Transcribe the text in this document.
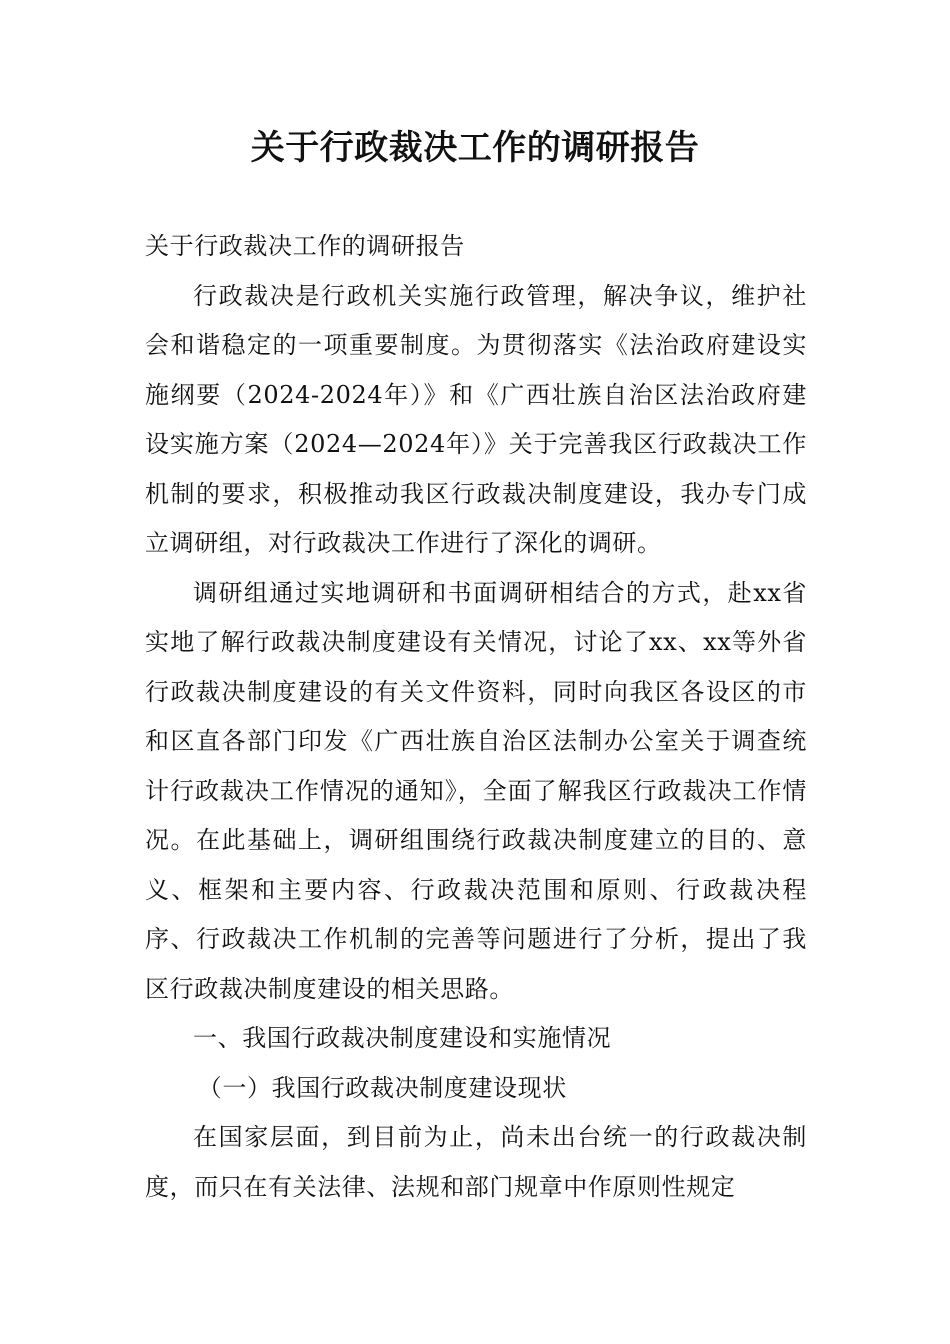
关于行政裁决工作的调研报告

关于行政裁决工作的调研报告

行政裁决是行政机关实施行政管理，解决争议，维护社会和谐稳定的一项重要制度。为贯彻落实《法治政府建设实施纲要（2024-2024年）》和《广西壮族自治区法治政府建设实施方案（2024—2024年）》关于完善我区行政裁决工作机制的要求，积极推动我区行政裁决制度建设，我办专门成立调研组，对行政裁决工作进行了深化的调研。

调研组通过实地调研和书面调研相结合的方式，赴xx省实地了解行政裁决制度建设有关情况，讨论了xx、xx等外省行政裁决制度建设的有关文件资料，同时向我区各设区的市和区直各部门印发《广西壮族自治区法制办公室关于调查统计行政裁决工作情况的通知》，全面了解我区行政裁决工作情况。在此基础上，调研组围绕行政裁决制度建立的目的、意义、框架和主要内容、行政裁决范围和原则、行政裁决程序、行政裁决工作机制的完善等问题进行了分析，提出了我区行政裁决制度建设的相关思路。

一、我国行政裁决制度建设和实施情况

（一）我国行政裁决制度建设现状

在国家层面，到目前为止，尚未出台统一的行政裁决制度，而只在有关法律、法规和部门规章中作原则性规定
